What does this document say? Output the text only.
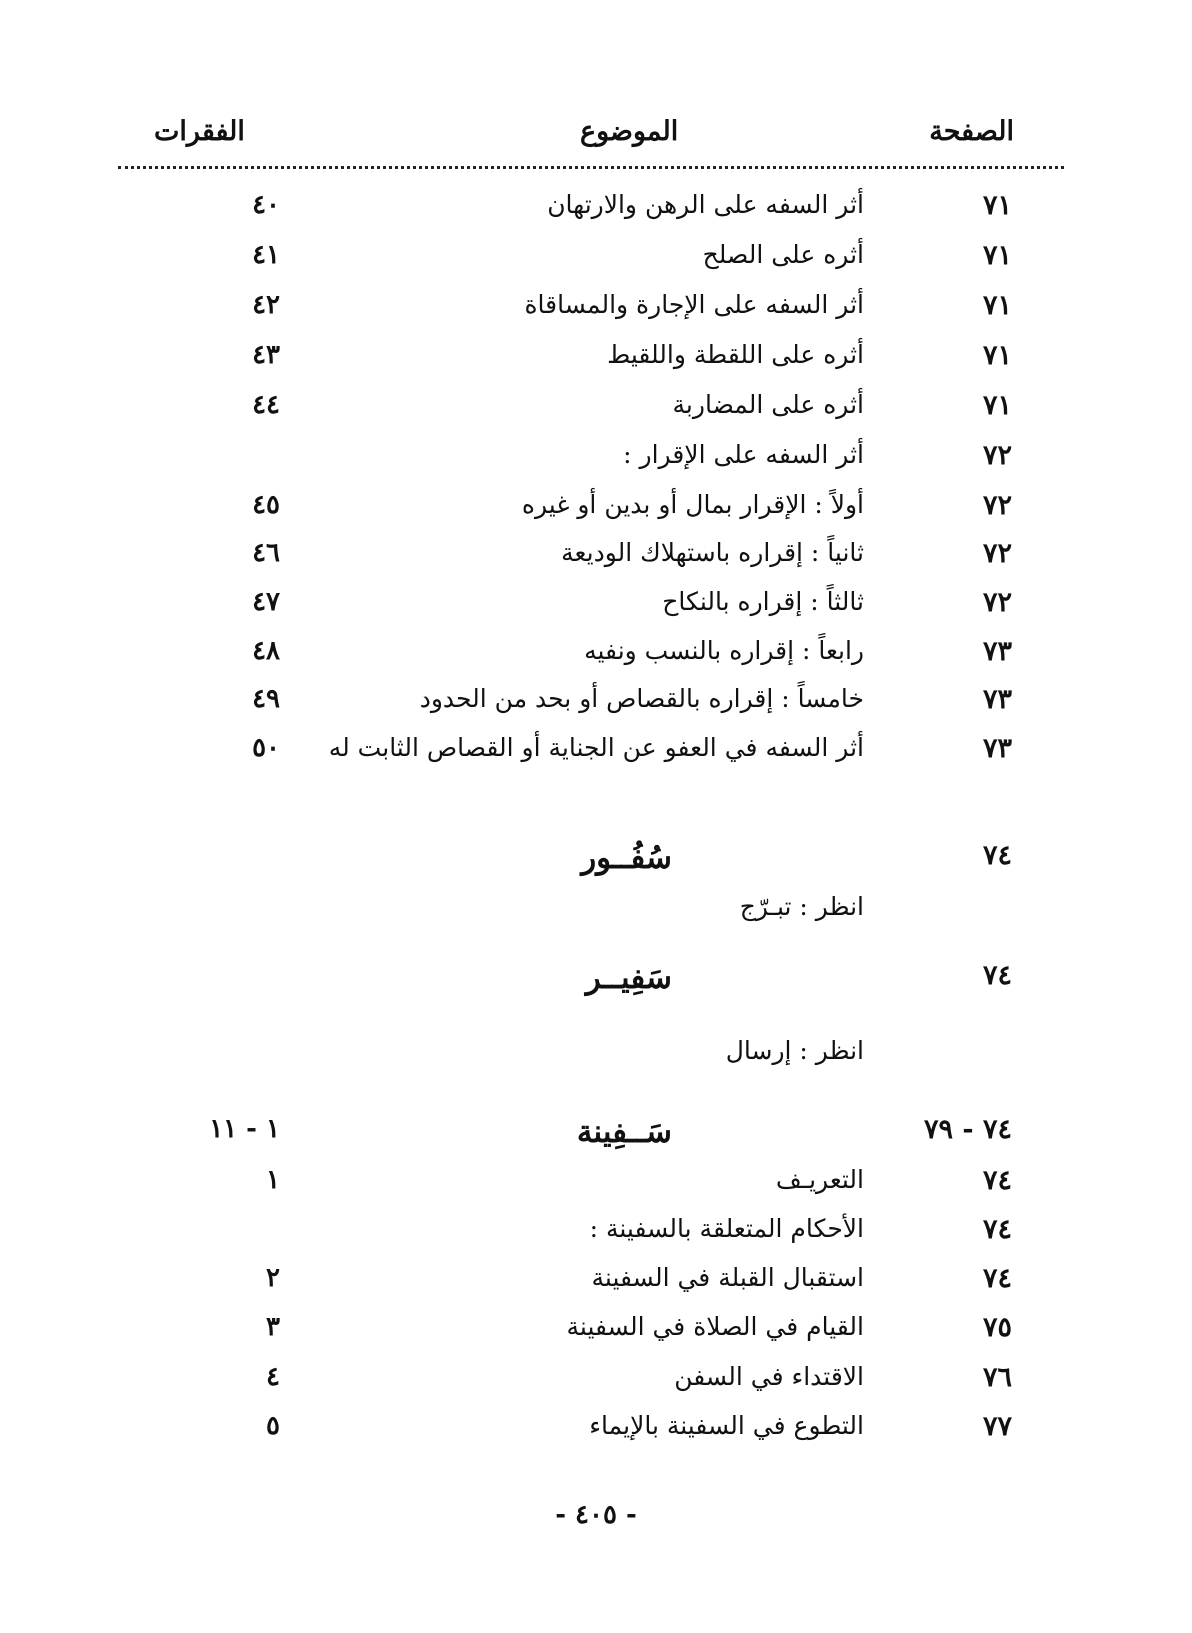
الصفحة
الموضوع
الفقرات
٧١
أثر السفه على الرهن والارتهان
٤٠
٧١
أثره على الصلح
٤١
٧١
أثر السفه على الإجارة والمساقاة
٤٢
٧١
أثره على اللقطة واللقيط
٤٣
٧١
أثره على المضاربة
٤٤
٧٢
أثر السفه على الإقرار :
٧٢
أولاً : الإقرار بمال أو بدين أو غيره
٤٥
٧٢
ثانياً : إقراره باستهلاك الوديعة
٤٦
٧٢
ثالثاً : إقراره بالنكاح
٤٧
٧٣
رابعاً : إقراره بالنسب ونفيه
٤٨
٧٣
خامساً : إقراره بالقصاص أو بحد من الحدود
٤٩
٧٣
أثر السفه في العفو عن الجناية أو القصاص الثابت له
٥٠
٧٤
سُفُــور
انظر : تبـرّج
٧٤
سَفِيــر
انظر : إرسال
٧٤ - ٧٩
سَــفِينة
١ - ١١
٧٤
التعريـف
١
٧٤
الأحكام المتعلقة بالسفينة :
٧٤
استقبال القبلة في السفينة
٢
٧٥
القيام في الصلاة في السفينة
٣
٧٦
الاقتداء في السفن
٤
٧٧
التطوع في السفينة بالإيماء
٥
- ٤٠٥ -
